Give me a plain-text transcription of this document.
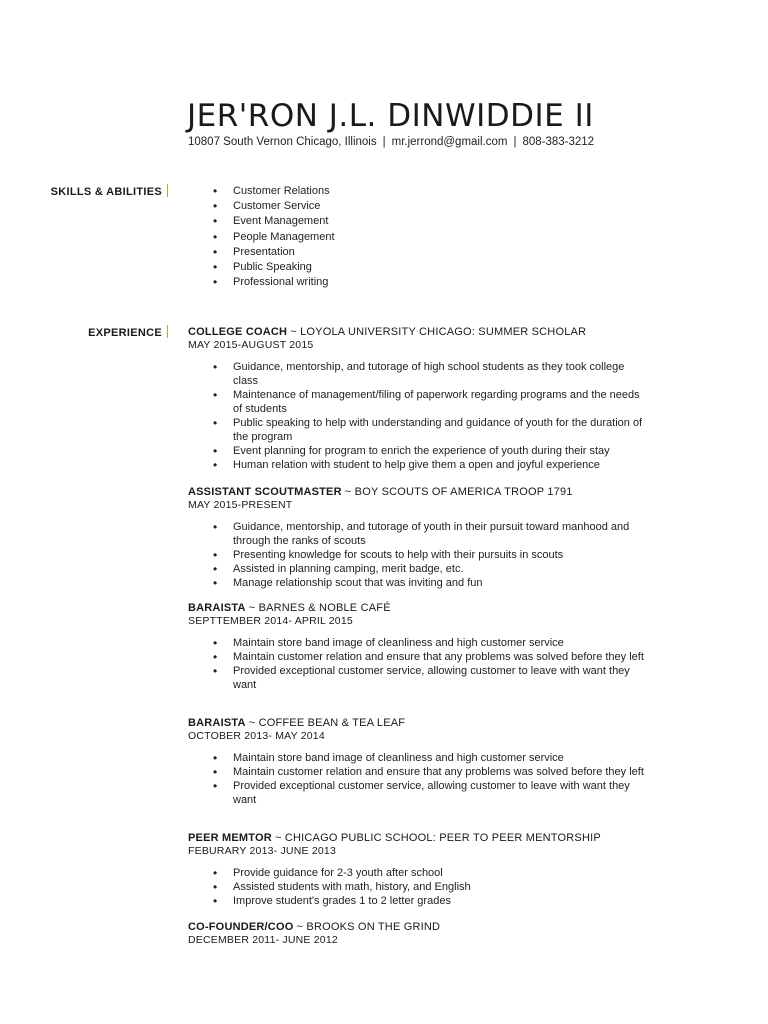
JER'RON J.L. DINWIDDIE II
10807 South Vernon Chicago, Illinois | mr.jerrond@gmail.com | 808-383-3212
SKILLS & ABILITIES
•	Customer Relations
• Customer Service
• Event Management
• People Management
• Presentation
• Public Speaking
• Professional writing
EXPERIENCE	COLLEGE COACH ~ LOYOLA UNIVERSITY CHICAGO: SUMMER SCHOLAR
MAY 2015-AUGUST 2015
• Guidance, mentorship, and tutorage of high school students as they took college class
• Maintenance of management/filing of paperwork regarding programs and the needs of students
• Public speaking to help with understanding and guidance of youth for the duration of the program
• Event planning for program to enrich the experience of youth during their stay
• Human relation with student to help give them a open and joyful experience
ASSISTANT SCOUTMASTER ~ BOY SCOUTS OF AMERICA TROOP 1791
MAY 2015-PRESENT
• Guidance, mentorship, and tutorage of youth in their pursuit toward manhood and through the ranks of scouts
• Presenting knowledge for scouts to help with their pursuits in scouts
• Assisted in planning camping, merit badge, etc.
• Manage relationship scout that was inviting and fun
BARAISTA ~ BARNES & NOBLE CAFÉ
SEPTTEMBER 2014- APRIL 2015
• Maintain store band image of cleanliness and high customer service
• Maintain customer relation and ensure that any problems was solved before they left
• Provided exceptional customer service, allowing customer to leave with want they want
BARAISTA ~ COFFEE BEAN & TEA LEAF
OCTOBER 2013- MAY 2014
• Maintain store band image of cleanliness and high customer service
• Maintain customer relation and ensure that any problems was solved before they left
• Provided exceptional customer service, allowing customer to leave with want they want
PEER MEMTOR ~ CHICAGO PUBLIC SCHOOL: PEER TO PEER MENTORSHIP
FEBURARY 2013- JUNE 2013
• Provide guidance for 2-3 youth after school
• Assisted students with math, history, and English
• Improve student's grades 1 to 2 letter grades
CO-FOUNDER/COO ~ BROOKS ON THE GRIND
DECEMBER 2011- JUNE 2012
